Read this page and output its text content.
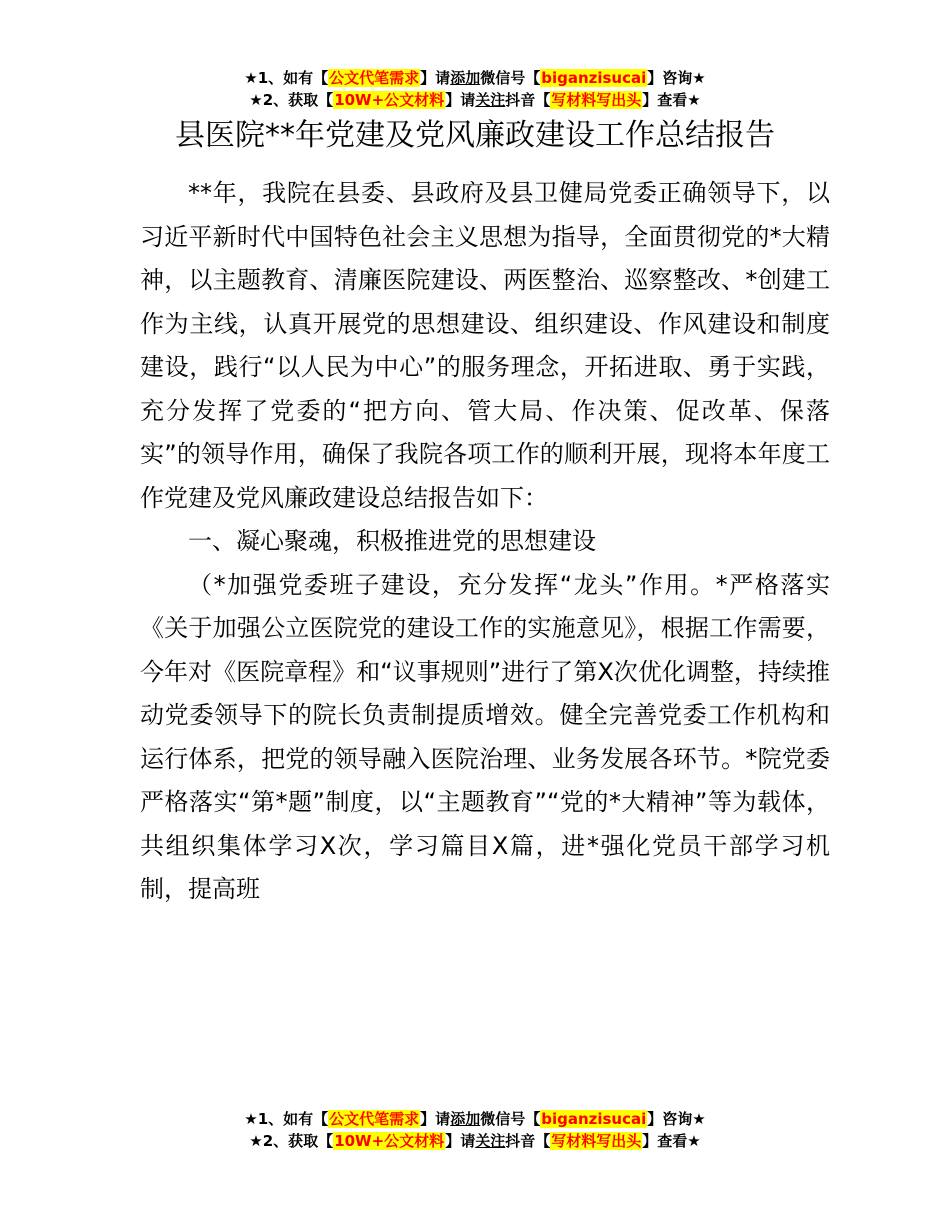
★1、如有【公文代笔需求】请添加微信号【biganzisucai】咨询★
★2、获取【10W+公文材料】请关注抖音【写材料写出头】查看★
县医院**年党建及党风廉政建设工作总结报告

**年，我院在县委、县政府及县卫健局党委正确领导下，以习近平新时代中国特色社会主义思想为指导，全面贯彻党的*大精神，以主题教育、清廉医院建设、两医整治、巡察整改、*创建工作为主线，认真开展党的思想建设、组织建设、作风建设和制度建设，践行“以人民为中心”的服务理念，开拓进取、勇于实践，充分发挥了党委的“把方向、管大局、作决策、促改革、保落实”的领导作用，确保了我院各项工作的顺利开展，现将本年度工作党建及党风廉政建设总结报告如下：

一、凝心聚魂，积极推进党的思想建设

（*加强党委班子建设，充分发挥“龙头”作用。*严格落实《关于加强公立医院党的建设工作的实施意见》，根据工作需要，今年对《医院章程》和“议事规则”进行了第X次优化调整，持续推动党委领导下的院长负责制提质增效。健全完善党委工作机构和运行体系，把党的领导融入医院治理、业务发展各环节。*院党委严格落实“第*题”制度，以“主题教育”“党的*大精神”等为载体，共组织集体学习X次，学习篇目X篇，进*强化党员干部学习机制，提高班

★1、如有【公文代笔需求】请添加微信号【biganzisucai】咨询★
★2、获取【10W+公文材料】请关注抖音【写材料写出头】查看★
